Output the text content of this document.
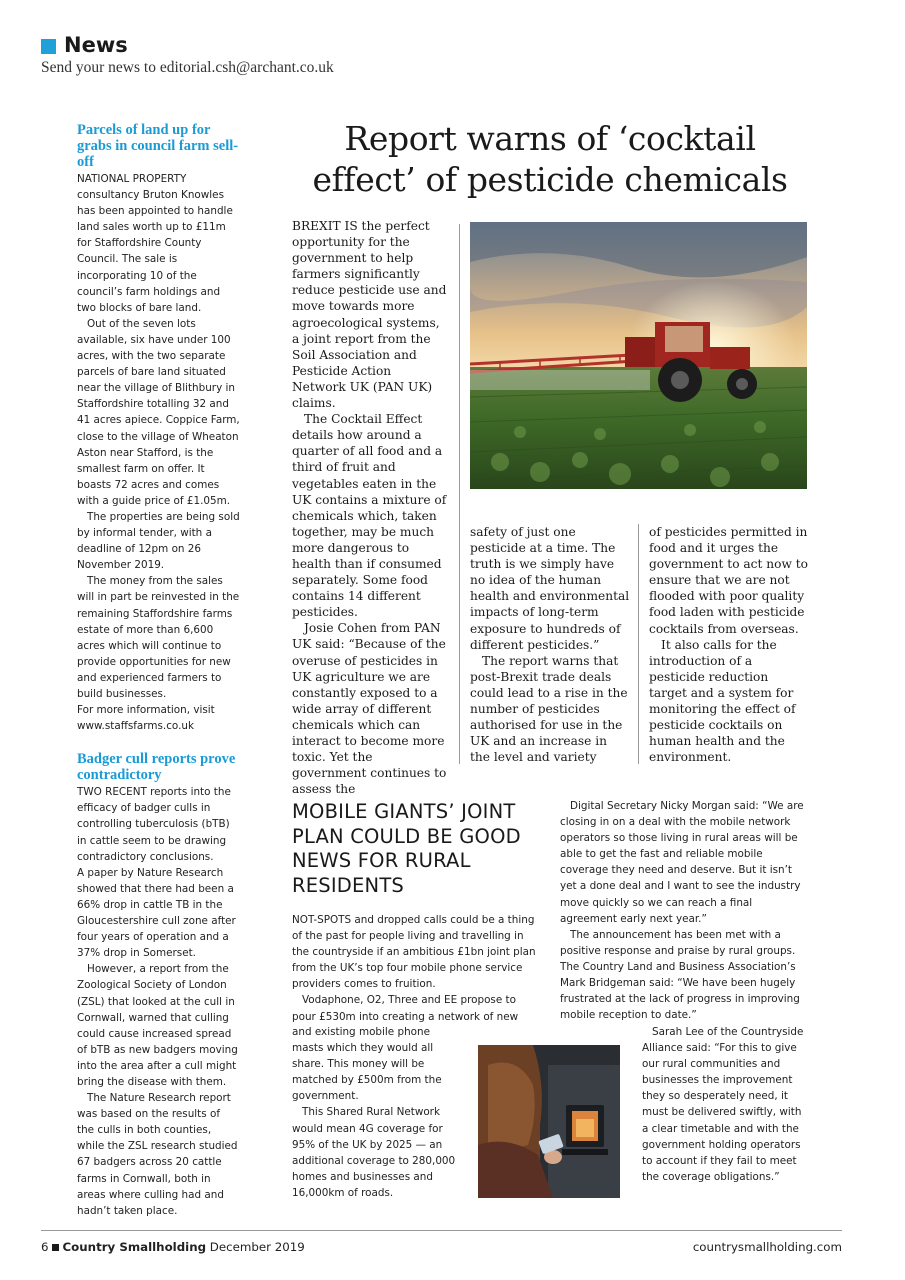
News
Send your news to editorial.csh@archant.co.uk
Parcels of land up for grabs in council farm sell-off

NATIONAL PROPERTY consultancy Bruton Knowles has been appointed to handle land sales worth up to £11m for Staffordshire County Council. The sale is incorporating 10 of the council’s farm holdings and two blocks of bare land.

Out of the seven lots available, six have under 100 acres, with the two separate parcels of bare land situated near the village of Blithbury in Staffordshire totalling 32 and 41 acres apiece. Coppice Farm, close to the village of Wheaton Aston near Stafford, is the smallest farm on offer. It boasts 72 acres and comes with a guide price of £1.05m.

The properties are being sold by informal tender, with a deadline of 12pm on 26 November 2019.

The money from the sales will in part be reinvested in the remaining Staffordshire farms estate of more than 6,600 acres which will continue to provide opportunities for new and experienced farmers to build businesses.

For more information, visit www.staffsfarms.co.uk

Badger cull reports prove contradictory

TWO RECENT reports into the efficacy of badger culls in controlling tuberculosis (bTB) in cattle seem to be drawing contradictory conclusions.

A paper by Nature Research showed that there had been a 66% drop in cattle TB in the Gloucestershire cull zone after four years of operation and a 37% drop in Somerset.

However, a report from the Zoological Society of London (ZSL) that looked at the cull in Cornwall, warned that culling could cause increased spread of bTB as new badgers moving into the area after a cull might bring the disease with them.

The Nature Research report was based on the results of the culls in both counties, while the ZSL research studied 67 badgers across 20 cattle farms in Cornwall, both in areas where culling had and hadn’t taken place.

Report warns of ‘cocktail effect’ of pesticide chemicals

BREXIT IS the perfect opportunity for the government to help farmers significantly reduce pesticide use and move towards more agroecological systems, a joint report from the Soil Association and Pesticide Action Network UK (PAN UK) claims.

The Cocktail Effect details how around a quarter of all food and a third of fruit and vegetables eaten in the UK contains a mixture of chemicals which, taken together, may be much more dangerous to health than if consumed separately. Some food contains 14 different pesticides.

Josie Cohen from PAN UK said: “Because of the overuse of pesticides in UK agriculture we are constantly exposed to a wide array of different chemicals which can interact to become more toxic. Yet the government continues to assess the

safety of just one pesticide at a time. The truth is we simply have no idea of the human health and environmental impacts of long-term exposure to hundreds of different pesticides.”

The report warns that post-Brexit trade deals could lead to a rise in the number of pesticides authorised for use in the UK and an increase in the level and variety

of pesticides permitted in food and it urges the government to act now to ensure that we are not flooded with poor quality food laden with pesticide cocktails from overseas.

It also calls for the introduction of a pesticide reduction target and a system for monitoring the effect of pesticide cocktails on human health and the environment.

MOBILE GIANTS’ JOINT PLAN COULD BE GOOD NEWS FOR RURAL RESIDENTS

NOT-SPOTS and dropped calls could be a thing of the past for people living and travelling in the countryside if an ambitious £1bn joint plan from the UK’s top four mobile phone service providers comes to fruition.

Vodaphone, O2, Three and EE propose to pour £530m into creating a network of new

and existing mobile phone masts which they would all share. This money will be matched by £500m from the government.

This Shared Rural Network would mean 4G coverage for 95% of the UK by 2025 — an additional coverage to 280,000 homes and businesses and 16,000km of roads.

Digital Secretary Nicky Morgan said: “We are closing in on a deal with the mobile network operators so those living in rural areas will be able to get the fast and reliable mobile coverage they need and deserve. But it isn’t yet a done deal and I want to see the industry move quickly so we can reach a final agreement early next year.”

The announcement has been met with a positive response and praise by rural groups. The Country Land and Business Association’s Mark Bridgeman said: “We have been hugely frustrated at the lack of progress in improving mobile reception to date.”

Sarah Lee of the Countryside Alliance said: “For this to give our rural communities and businesses the improvement they so desperately need, it must be delivered swiftly, with a clear timetable and with the government holding operators to account if they fail to meet the coverage obligations.”

6 Country Smallholding December 2019	countrysmallholding.com
